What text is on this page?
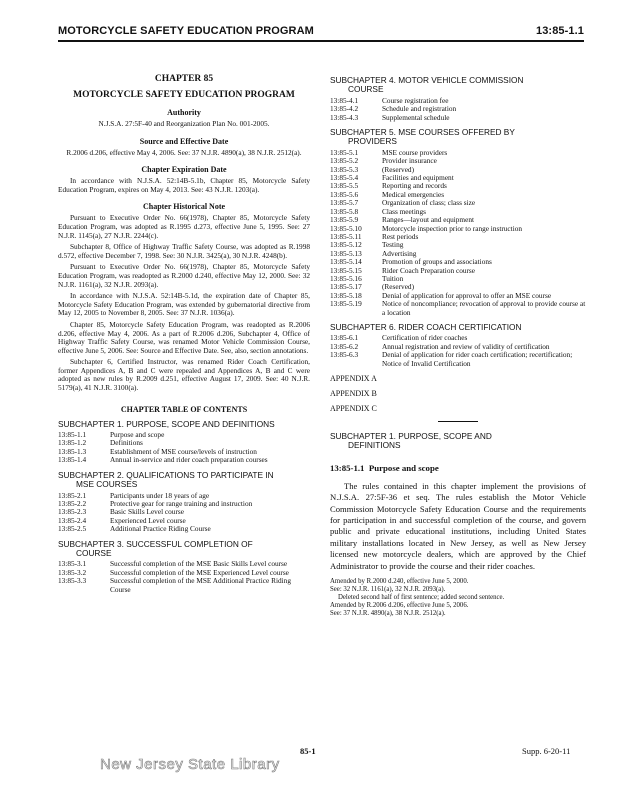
MOTORCYCLE SAFETY EDUCATION PROGRAM	13:85-1.1
CHAPTER 85
MOTORCYCLE SAFETY EDUCATION PROGRAM
Authority
N.J.S.A. 27:5F-40 and Reorganization Plan No. 001-2005.
Source and Effective Date
R.2006 d.206, effective May 4, 2006. See: 37 N.J.R. 4890(a), 38 N.J.R. 2512(a).
Chapter Expiration Date
In accordance with N.J.S.A. 52:14B-5.1b, Chapter 85, Motorcycle Safety Education Program, expires on May 4, 2013. See: 43 N.J.R. 1203(a).
Chapter Historical Note
Pursuant to Executive Order No. 66(1978), Chapter 85, Motorcycle Safety Education Program, was adopted as R.1995 d.273, effective June 5, 1995. See: 27 N.J.R. 1145(a), 27 N.J.R. 2244(c).
Subchapter 8, Office of Highway Traffic Safety Course, was adopted as R.1998 d.572, effective December 7, 1998. See: 30 N.J.R. 3425(a), 30 N.J.R. 4248(b).
Pursuant to Executive Order No. 66(1978), Chapter 85, Motorcycle Safety Education Program, was readopted as R.2000 d.240, effective May 12, 2000. See: 32 N.J.R. 1161(a), 32 N.J.R. 2093(a).
In accordance with N.J.S.A. 52:14B-5.1d, the expiration date of Chapter 85, Motorcycle Safety Education Program, was extended by gubernatorial directive from May 12, 2005 to November 8, 2005. See: 37 N.J.R. 1036(a).
Chapter 85, Motorcycle Safety Education Program, was readopted as R.2006 d.206, effective May 4, 2006. As a part of R.2006 d.206, Subchapter 4, Office of Highway Traffic Safety Course, was renamed Motor Vehicle Commission Course, effective June 5, 2006. See: Source and Effective Date. See, also, section annotations.
Subchapter 6, Certified Instructor, was renamed Rider Coach Certification, former Appendices A, B and C were repealed and Appendices A, B and C were adopted as new rules by R.2009 d.251, effective August 17, 2009. See: 40 N.J.R. 5179(a), 41 N.J.R. 3100(a).
CHAPTER TABLE OF CONTENTS
SUBCHAPTER 1. PURPOSE, SCOPE AND DEFINITIONS
13:85-1.1	Purpose and scope
13:85-1.2	Definitions
13:85-1.3	Establishment of MSE course/levels of instruction
13:85-1.4	Annual in-service and rider coach preparation courses
SUBCHAPTER 2. QUALIFICATIONS TO PARTICIPATE IN
MSE COURSES
13:85-2.1	Participants under 18 years of age
13:85-2.2	Protective gear for range training and instruction
13:85-2.3	Basic Skills Level course
13:85-2.4	Experienced Level course
13:85-2.5	Additional Practice Riding Course
SUBCHAPTER 3. SUCCESSFUL COMPLETION OF
COURSE
13:85-3.1	Successful completion of the MSE Basic Skills Level course
13:85-3.2	Successful completion of the MSE Experienced Level course
13:85-3.3	Successful completion of the MSE Additional Practice Riding Course
SUBCHAPTER 4. MOTOR VEHICLE COMMISSION
COURSE
13:85-4.1	Course registration fee
13:85-4.2	Schedule and registration
13:85-4.3	Supplemental schedule
SUBCHAPTER 5. MSE COURSES OFFERED BY
PROVIDERS
13:85-5.1	MSE course providers
13:85-5.2	Provider insurance
13:85-5.3	(Reserved)
13:85-5.4	Facilities and equipment
13:85-5.5	Reporting and records
13:85-5.6	Medical emergencies
13:85-5.7	Organization of class; class size
13:85-5.8	Class meetings
13:85-5.9	Ranges—layout and equipment
13:85-5.10	Motorcycle inspection prior to range instruction
13:85-5.11	Rest periods
13:85-5.12	Testing
13:85-5.13	Advertising
13:85-5.14	Promotion of groups and associations
13:85-5.15	Rider Coach Preparation course
13:85-5.16	Tuition
13:85-5.17	(Reserved)
13:85-5.18	Denial of application for approval to offer an MSE course
13:85-5.19	Notice of noncompliance; revocation of approval to provide course at a location
SUBCHAPTER 6. RIDER COACH CERTIFICATION
13:85-6.1	Certification of rider coaches
13:85-6.2	Annual registration and review of validity of certification
13:85-6.3	Denial of application for rider coach certification; recertification; Notice of Invalid Certification
APPENDIX A
APPENDIX B
APPENDIX C
SUBCHAPTER 1. PURPOSE, SCOPE AND
DEFINITIONS
13:85-1.1 Purpose and scope
The rules contained in this chapter implement the provisions of N.J.S.A. 27:5F-36 et seq. The rules establish the Motor Vehicle Commission Motorcycle Safety Education Course and the requirements for participation in and successful completion of the course, and govern public and private educational institutions, including United States military installations located in New Jersey, as well as New Jersey licensed new motorcycle dealers, which are approved by the Chief Administrator to provide the course and their rider coaches.
Amended by R.2000 d.240, effective June 5, 2000.
See: 32 N.J.R. 1161(a), 32 N.J.R. 2093(a).
Deleted second half of first sentence; added second sentence.
Amended by R.2006 d.206, effective June 5, 2006.
See: 37 N.J.R. 4890(a), 38 N.J.R. 2512(a).
85-1	Supp. 6-20-11
New Jersey State Library
